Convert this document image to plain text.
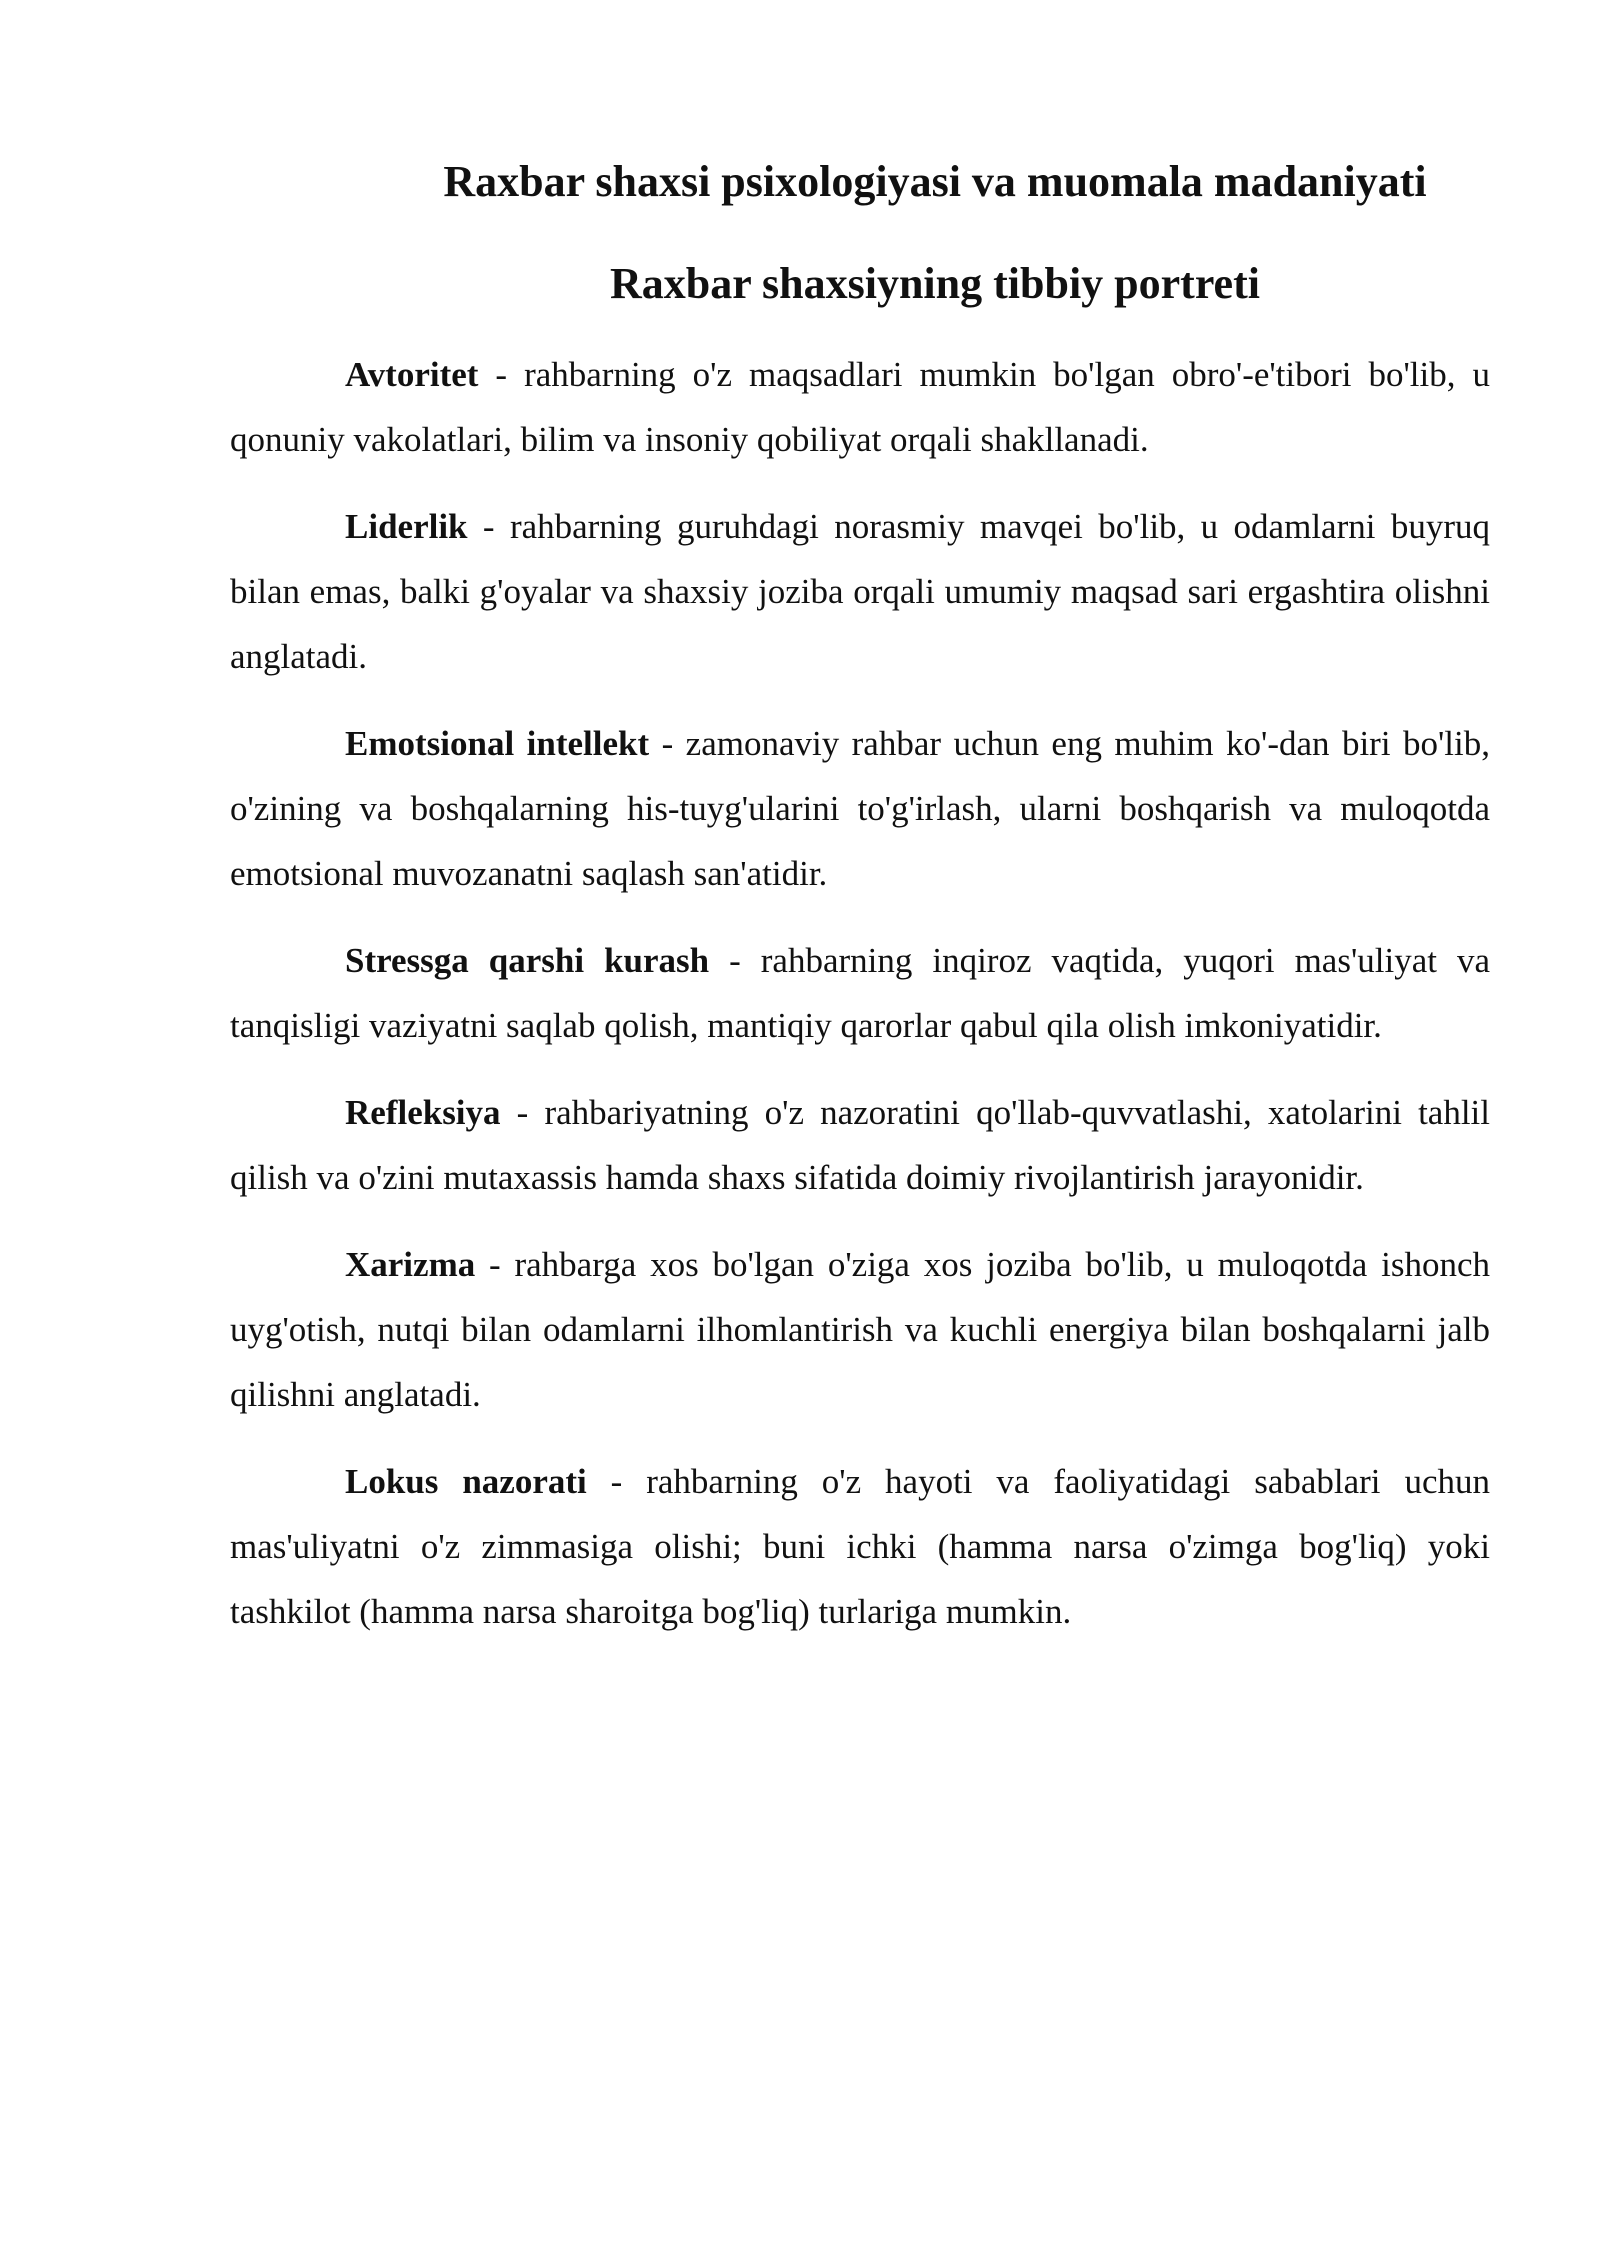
Raxbar shaxsi psixologiyasi va muomala madaniyati
Raxbar shaxsiyning tibbiy portreti

Avtoritet - rahbarning o'z maqsadlari mumkin bo'lgan obro'-e'tibori bo'lib, u qonuniy vakolatlari, bilim va insoniy qobiliyat orqali shakllanadi.

Liderlik - rahbarning guruhdagi norasmiy mavqei bo'lib, u odamlarni buyruq bilan emas, balki g'oyalar va shaxsiy joziba orqali umumiy maqsad sari ergashtira olishni anglatadi.

Emotsional intellekt - zamonaviy rahbar uchun eng muhim ko'-dan biri bo'lib, o'zining va boshqalarning his-tuyg'ularini to'g'irlash, ularni boshqarish va muloqotda emotsional muvozanatni saqlash san'atidir.

Stressga qarshi kurash - rahbarning inqiroz vaqtida, yuqori mas'uliyat va tanqisligi vaziyatni saqlab qolish, mantiqiy qarorlar qabul qila olish imkoniyatidir.

Refleksiya - rahbariyatning o'z nazoratini qo'llab-quvvatlashi, xatolarini tahlil qilish va o'zini mutaxassis hamda shaxs sifatida doimiy rivojlantirish jarayonidir.

Xarizma - rahbarga xos bo'lgan o'ziga xos joziba bo'lib, u muloqotda ishonch uyg'otish, nutqi bilan odamlarni ilhomlantirish va kuchli energiya bilan boshqalarni jalb qilishni anglatadi.

Lokus nazorati - rahbarning o'z hayoti va faoliyatidagi sabablari uchun mas'uliyatni o'z zimmasiga olishi; buni ichki (hamma narsa o'zimga bog'liq) yoki tashkilot (hamma narsa sharoitga bog'liq) turlariga mumkin.
